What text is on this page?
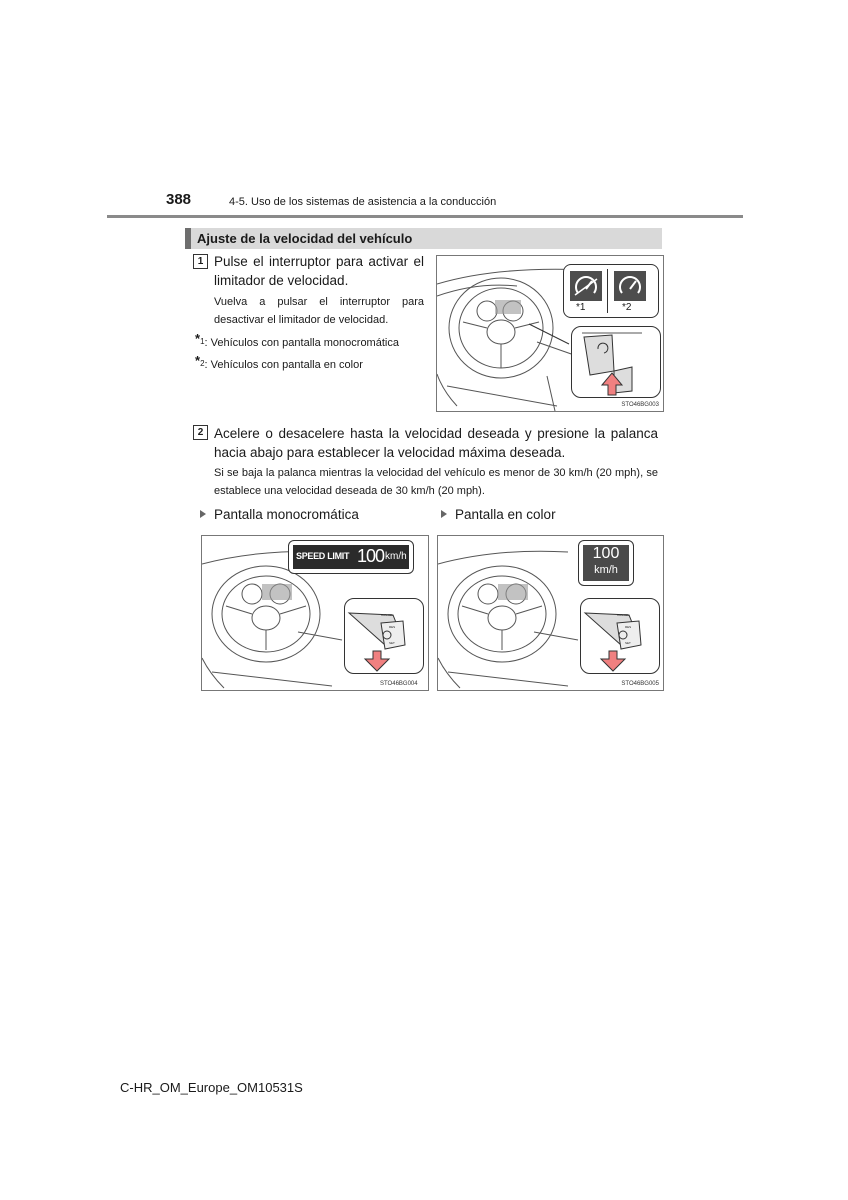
388	4-5. Uso de los sistemas de asistencia a la conducción
Ajuste de la velocidad del vehículo
1 Pulse el interruptor para activar el limitador de velocidad.
Vuelva a pulsar el interruptor para desactivar el limitador de velocidad.
*1: Vehículos con pantalla monocromática
*2: Vehículos con pantalla en color
*1	*2
STO46BG003
2 Acelere o desacelere hasta la velocidad deseada y presione la palanca hacia abajo para establecer la velocidad máxima deseada.
Si se baja la palanca mientras la velocidad del vehículo es menor de 30 km/h (20 mph), se establece una velocidad deseada de 30 km/h (20 mph).
Pantalla monocromática	Pantalla en color
SPEED LIMIT 100 km/h
CANCEL
RES
SET
STO46BG004
100
km/h
CANCEL
RES
SET
STO46BG005
C-HR_OM_Europe_OM10531S
